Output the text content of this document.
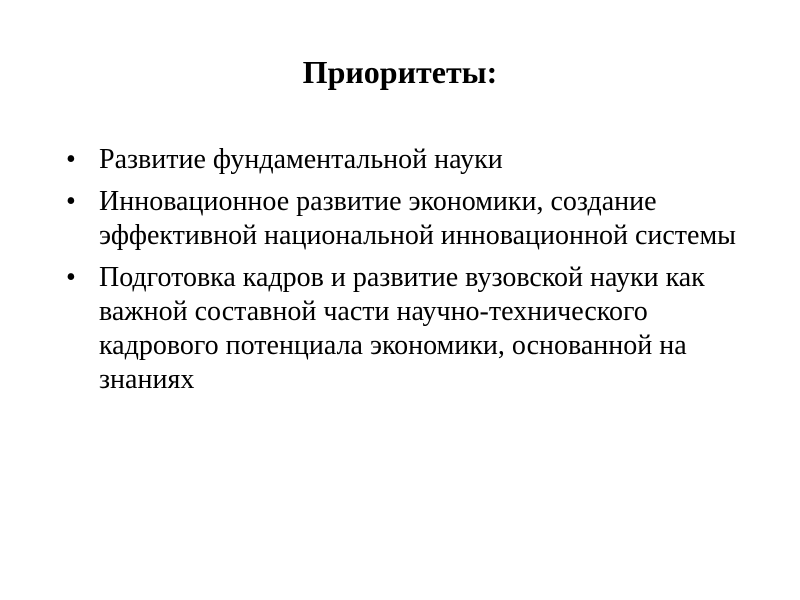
Приоритеты:
• Развитие фундаментальной науки
• Инновационное развитие экономики, создание эффективной национальной инновационной системы
• Подготовка кадров и развитие вузовской науки как важной составной части научно-технического кадрового потенциала экономики, основанной на знаниях
